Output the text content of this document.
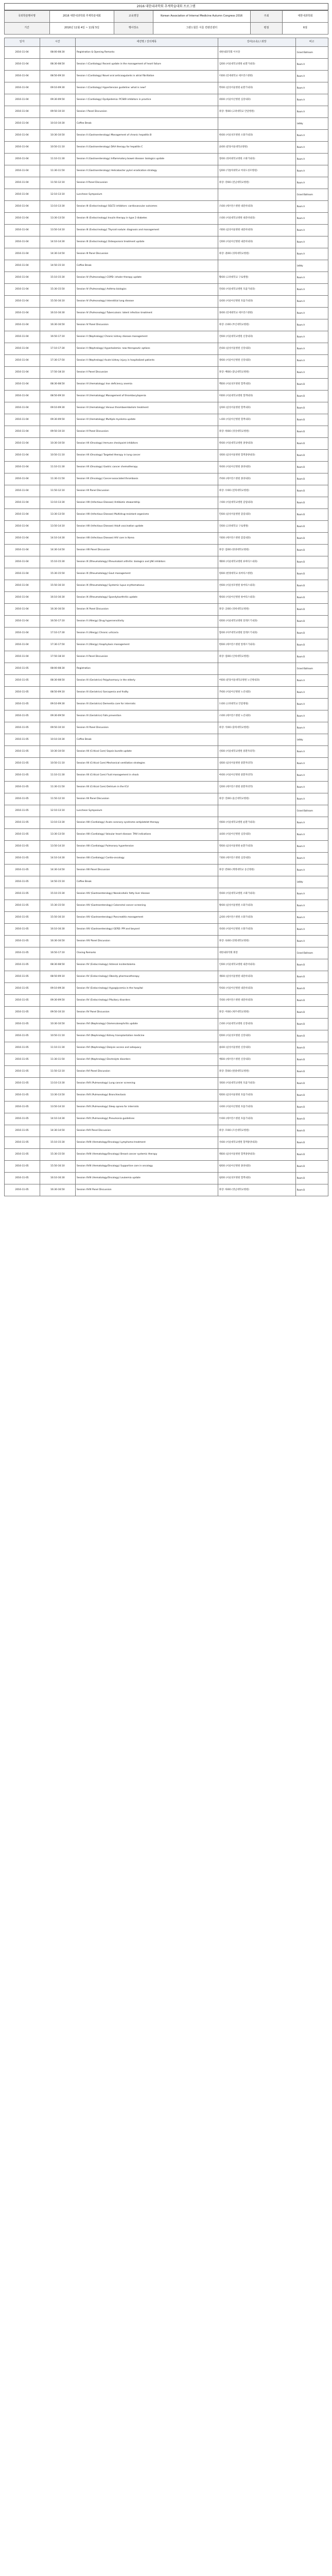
2016 대한내과학회 추계학술대회 프로그램
국외학술행사명	2016 대한내과학회 추계학술대회	교육명칭	Korean Association of Internal Medicine Autumn Congress 2016	주최	대한내과학회
기간	2016년 11월 4일 ~ 11월 5일	행사장소	그랜드힐튼 서울 컨벤션센터	평점	6점
일자	시간	세션명 / 강의제목	강사(소속) / 좌장	비고
2016-11-04	08:00-08:30	Registration & Opening Remarks	대한내과학회 이사장	Grand Ballroom
2016-11-04	08:30-08:50	Session I (Cardiology) Recent update in the management of heart failure	김OO (서울대학교병원 순환기내과)	Room A
2016-11-04	08:50-09:10	Session I (Cardiology) Novel oral anticoagulants in atrial fibrillation	이OO (연세대학교 세브란스병원)	Room A
2016-11-04	09:10-09:30	Session I (Cardiology) Hypertension guideline: what is new?	박OO (삼성서울병원 순환기내과)	Room A
2016-11-04	09:30-09:50	Session I (Cardiology) Dyslipidemia: PCSK9 inhibitors in practice	최OO (서울아산병원 심장내과)	Room A
2016-11-04	09:50-10:10	Session I Panel Discussion	좌장: 정OO (고려대학교 안암병원)	Room A
2016-11-04	10:10-10:30	Coffee Break		Lobby
2016-11-04	10:30-10:50	Session II (Gastroenterology) Management of chronic hepatitis B	한OO (서울성모병원 소화기내과)	Room A
2016-11-04	10:50-11:10	Session II (Gastroenterology) DAA therapy for hepatitis C	윤OO (분당서울대학교병원)	Room A
2016-11-04	11:10-11:30	Session II (Gastroenterology) Inflammatory bowel disease: biologics update	장OO (경희대학교병원 소화기내과)	Room A
2016-11-04	11:30-11:50	Session II (Gastroenterology) Helicobacter pylori eradication strategy	임OO (가톨릭대학교 여의도성모병원)	Room A
2016-11-04	11:50-12:10	Session II Panel Discussion	좌장: 강OO (전남대학교병원)	Room A
2016-11-04	12:10-13:10	Luncheon Symposium		Grand Ballroom
2016-11-04	13:10-13:30	Session III (Endocrinology) SGLT2 inhibitors: cardiovascular outcomes	조OO (세브란스병원 내분비내과)	Room A
2016-11-04	13:30-13:50	Session III (Endocrinology) Insulin therapy in type 2 diabetes	오OO (서울대학교병원 내분비내과)	Room A
2016-11-04	13:50-14:10	Session III (Endocrinology) Thyroid nodule: diagnosis and management	서OO (삼성서울병원 내분비내과)	Room A
2016-11-04	14:10-14:30	Session III (Endocrinology) Osteoporosis treatment update	신OO (서울아산병원 내분비내과)	Room A
2016-11-04	14:30-14:50	Session III Panel Discussion	좌장: 권OO (경북대학교병원)	Room A
2016-11-04	14:50-15:10	Coffee Break		Lobby
2016-11-04	15:10-15:30	Session IV (Pulmonology) COPD: inhaler therapy update	황OO (고려대학교 구로병원)	Room A
2016-11-04	15:30-15:50	Session IV (Pulmonology) Asthma biologics	안OO (서울대학교병원 호흡기내과)	Room A
2016-11-04	15:50-16:10	Session IV (Pulmonology) Interstitial lung disease	송OO (서울아산병원 호흡기내과)	Room A
2016-11-04	16:10-16:30	Session IV (Pulmonology) Tuberculosis: latent infection treatment	홍OO (연세대학교 세브란스병원)	Room A
2016-11-04	16:30-16:50	Session IV Panel Discussion	좌장: 유OO (부산대학교병원)	Room A
2016-11-04	16:50-17:10	Session V (Nephrology) Chronic kidney disease management	전OO (서울대학교병원 신장내과)	Room A
2016-11-04	17:10-17:30	Session V (Nephrology) Hyperkalemia: new therapeutic options	문OO (삼성서울병원 신장내과)	Room A
2016-11-04	17:30-17:50	Session V (Nephrology) Acute kidney injury in hospitalized patients	양OO (서울아산병원 신장내과)	Room A
2016-11-04	17:50-18:10	Session V Panel Discussion	좌장: 배OO (충남대학교병원)	Room A
2016-11-04	08:30-08:50	Session VI (Hematology) Iron deficiency anemia	백OO (서울성모병원 혈액내과)	Room B
2016-11-04	08:50-09:10	Session VI (Hematology) Management of thrombocytopenia	허OO (서울대학교병원 혈액내과)	Room B
2016-11-04	09:10-09:30	Session VI (Hematology) Venous thromboembolism treatment	남OO (삼성서울병원 혈액내과)	Room B
2016-11-04	09:30-09:50	Session VI (Hematology) Multiple myeloma update	노OO (서울아산병원 혈액내과)	Room B
2016-11-04	09:50-10:10	Session VI Panel Discussion	좌장: 하OO (경상대학교병원)	Room B
2016-11-04	10:30-10:50	Session VII (Oncology) Immune checkpoint inhibitors	곽OO (서울대학교병원 종양내과)	Room B
2016-11-04	10:50-11:10	Session VII (Oncology) Targeted therapy in lung cancer	성OO (삼성서울병원 혈액종양내과)	Room B
2016-11-04	11:10-11:30	Session VII (Oncology) Gastric cancer chemotherapy	차OO (서울아산병원 종양내과)	Room B
2016-11-04	11:30-11:50	Session VII (Oncology) Cancer-associated thrombosis	주OO (세브란스병원 종양내과)	Room B
2016-11-04	11:50-12:10	Session VII Panel Discussion	좌장: 우OO (전북대학교병원)	Room B
2016-11-04	13:10-13:30	Session VIII (Infectious Disease) Antibiotic stewardship	구OO (서울대학교병원 감염내과)	Room B
2016-11-04	13:30-13:50	Session VIII (Infectious Disease) Multidrug-resistant organisms	민OO (삼성서울병원 감염내과)	Room B
2016-11-04	13:50-14:10	Session VIII (Infectious Disease) Adult vaccination update	진OO (고려대학교 구로병원)	Room B
2016-11-04	14:10-14:30	Session VIII (Infectious Disease) HIV care in Korea	지OO (세브란스병원 감염내과)	Room B
2016-11-04	14:30-14:50	Session VIII Panel Discussion	좌장: 엄OO (한양대학교병원)	Room B
2016-11-04	15:10-15:30	Session IX (Rheumatology) Rheumatoid arthritis: biologics and JAK inhibitors	채OO (서울대학교병원 류마티스내과)	Room B
2016-11-04	15:30-15:50	Session IX (Rheumatology) Gout management	원OO (한양대학교 류마티스병원)	Room B
2016-11-04	15:50-16:10	Session IX (Rheumatology) Systemic lupus erythematosus	천OO (서울성모병원 류마티스내과)	Room B
2016-11-04	16:10-16:30	Session IX (Rheumatology) Spondyloarthritis update	방OO (서울아산병원 류마티스내과)	Room B
2016-11-04	16:30-16:50	Session IX Panel Discussion	좌장: 공OO (경희대학교병원)	Room B
2016-11-04	16:50-17:10	Session X (Allergy) Drug hypersensitivity	현OO (서울대학교병원 알레르기내과)	Room B
2016-11-04	17:10-17:30	Session X (Allergy) Chronic urticaria	함OO (아주대학교병원 알레르기내과)	Room B
2016-11-04	17:30-17:50	Session X (Allergy) Anaphylaxis management	변OO (세브란스병원 알레르기내과)	Room B
2016-11-04	17:50-18:10	Session X Panel Discussion	좌장: 염OO (인하대학교병원)	Room B
2016-11-05	08:00-08:30	Registration		Grand Ballroom
2016-11-05	08:30-08:50	Session XI (Geriatrics) Polypharmacy in the elderly	여OO (분당서울대학교병원 노인병내과)	Room A
2016-11-05	08:50-09:10	Session XI (Geriatrics) Sarcopenia and frailty	추OO (서울아산병원 노년내과)	Room A
2016-11-05	09:10-09:30	Session XI (Geriatrics) Dementia care for internists	도OO (고려대학교 안암병원)	Room A
2016-11-05	09:30-09:50	Session XI (Geriatrics) Falls prevention	소OO (세브란스병원 노년내과)	Room A
2016-11-05	09:50-10:10	Session XI Panel Discussion	좌장: 석OO (충북대학교병원)	Room A
2016-11-05	10:10-10:30	Coffee Break		Lobby
2016-11-05	10:30-10:50	Session XII (Critical Care) Sepsis bundle update	선OO (서울대학교병원 중환자의학)	Room A
2016-11-05	10:50-11:10	Session XII (Critical Care) Mechanical ventilation strategies	설OO (삼성서울병원 중환자의학)	Room A
2016-11-05	11:10-11:30	Session XII (Critical Care) Fluid management in shock	마OO (서울아산병원 중환자의학)	Room A
2016-11-05	11:30-11:50	Session XII (Critical Care) Delirium in the ICU	길OO (세브란스병원 중환자의학)	Room A
2016-11-05	11:50-12:10	Session XII Panel Discussion	좌장: 연OO (울산대학교병원)	Room A
2016-11-05	12:10-13:10	Luncheon Symposium		Grand Ballroom
2016-11-05	13:10-13:30	Session XIII (Cardiology) Acute coronary syndrome antiplatelet therapy	위OO (서울대학교병원 순환기내과)	Room A
2016-11-05	13:30-13:50	Session XIII (Cardiology) Valvular heart disease: TAVI indications	표OO (서울아산병원 심장내과)	Room A
2016-11-05	13:50-14:10	Session XIII (Cardiology) Pulmonary hypertension	명OO (삼성서울병원 순환기내과)	Room A
2016-11-05	14:10-14:30	Session XIII (Cardiology) Cardio-oncology	기OO (세브란스병원 심장내과)	Room A
2016-11-05	14:30-14:50	Session XIII Panel Discussion	좌장: 반OO (계명대학교 동산병원)	Room A
2016-11-05	14:50-15:10	Coffee Break		Lobby
2016-11-05	15:10-15:30	Session XIV (Gastroenterology) Nonalcoholic fatty liver disease	라OO (서울대학교병원 소화기내과)	Room A
2016-11-05	15:30-15:50	Session XIV (Gastroenterology) Colorectal cancer screening	왕OO (삼성서울병원 소화기내과)	Room A
2016-11-05	15:50-16:10	Session XIV (Gastroenterology) Pancreatitis management	금OO (세브란스병원 소화기내과)	Room A
2016-11-05	16:10-16:30	Session XIV (Gastroenterology) GERD: PPI and beyond	옥OO (서울아산병원 소화기내과)	Room A
2016-11-05	16:30-16:50	Session XIV Panel Discussion	좌장: 육OO (강원대학교병원)	Room A
2016-11-05	16:50-17:10	Closing Remarks	대한내과학회 회장	Grand Ballroom
2016-11-05	08:30-08:50	Session XV (Endocrinology) Adrenal incidentaloma	인OO (서울대학교병원 내분비내과)	Room B
2016-11-05	08:50-09:10	Session XV (Endocrinology) Obesity pharmacotherapy	제OO (삼성서울병원 내분비내과)	Room B
2016-11-05	09:10-09:30	Session XV (Endocrinology) Hypoglycemia in the hospital	탁OO (서울아산병원 내분비내과)	Room B
2016-11-05	09:30-09:50	Session XV (Endocrinology) Pituitary disorders	국OO (세브란스병원 내분비내과)	Room B
2016-11-05	09:50-10:10	Session XV Panel Discussion	좌장: 어OO (제주대학교병원)	Room B
2016-11-05	10:30-10:50	Session XVI (Nephrology) Glomerulonephritis update	은OO (서울대학교병원 신장내과)	Room B
2016-11-05	10:50-11:10	Session XVI (Nephrology) Kidney transplantation medicine	편OO (서울성모병원 신장내과)	Room B
2016-11-05	11:10-11:30	Session XVI (Nephrology) Dialysis access and adequacy	용OO (삼성서울병원 신장내과)	Room B
2016-11-05	11:30-11:50	Session XVI (Nephrology) Electrolyte disorders	예OO (세브란스병원 신장내과)	Room B
2016-11-05	11:50-12:10	Session XVI Panel Discussion	좌장: 봉OO (원광대학교병원)	Room B
2016-11-05	13:10-13:30	Session XVII (Pulmonology) Lung cancer screening	경OO (서울대학교병원 호흡기내과)	Room B
2016-11-05	13:30-13:50	Session XVII (Pulmonology) Bronchiectasis	변OO (삼성서울병원 호흡기내과)	Room B
2016-11-05	13:50-14:10	Session XVII (Pulmonology) Sleep apnea for internists	나OO (서울아산병원 호흡기내과)	Room B
2016-11-05	14:10-14:30	Session XVII (Pulmonology) Pneumonia guidelines	두OO (세브란스병원 호흡기내과)	Room B
2016-11-05	14:30-14:50	Session XVII Panel Discussion	좌장: 모OO (조선대학교병원)	Room B
2016-11-05	15:10-15:30	Session XVIII (Hematology/Oncology) Lymphoma treatment	사OO (서울대학교병원 혈액종양내과)	Room B
2016-11-05	15:30-15:50	Session XVIII (Hematology/Oncology) Breast cancer systemic therapy	태OO (삼성서울병원 혈액종양내과)	Room B
2016-11-05	15:50-16:10	Session XVIII (Hematology/Oncology) Supportive care in oncology	평OO (서울아산병원 종양내과)	Room B
2016-11-05	16:10-16:30	Session XVIII (Hematology/Oncology) Leukemia update	필OO (서울성모병원 혈액내과)	Room B
2016-11-05	16:30-16:50	Session XVIII Panel Discussion	좌장: 하OO (영남대학교병원)	Room B
